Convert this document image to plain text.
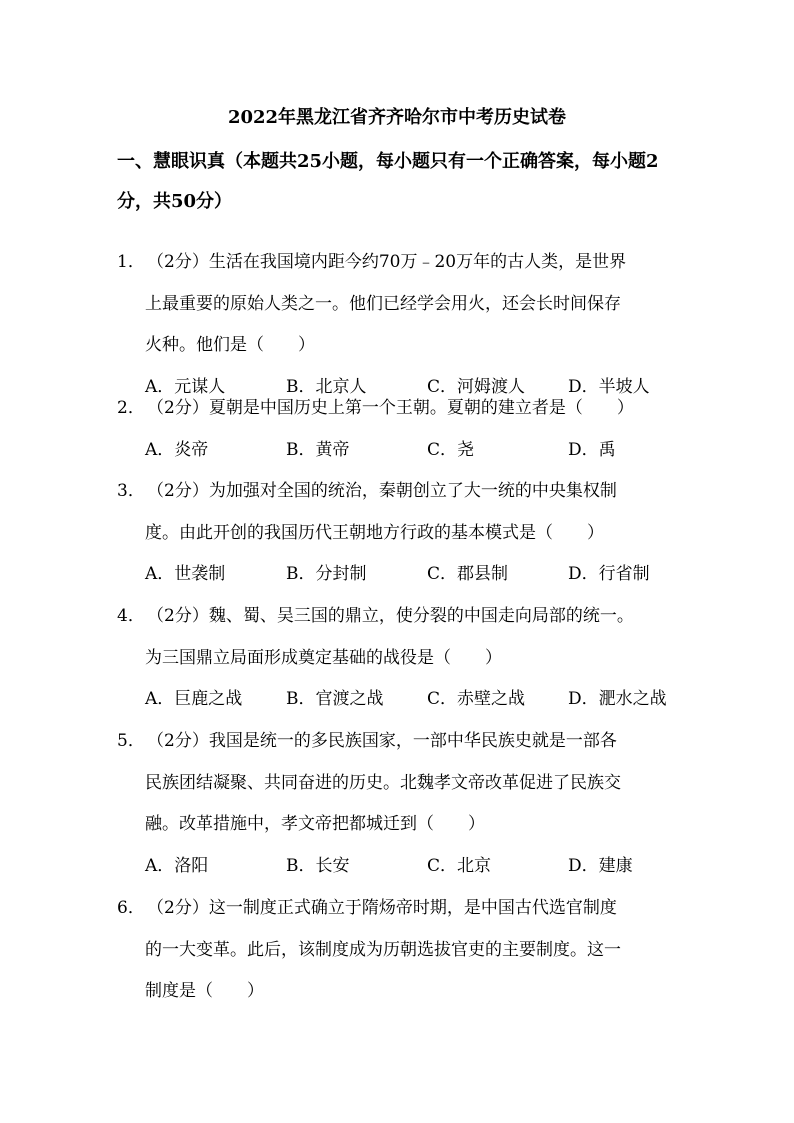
2022年黑龙江省齐齐哈尔市中考历史试卷
一、慧眼识真（本题共25小题，每小题只有一个正确答案，每小题2
分，共50分）
1． （2分）生活在我国境内距今约70万﹣20万年的古人类，是世界
上最重要的原始人类之一。他们已经学会用火，还会长时间保存
火种。他们是（　　）
A．元谋人	B．北京人	C．河姆渡人	D．半坡人
2． （2分）夏朝是中国历史上第一个王朝。夏朝的建立者是（　　）
A．炎帝	B．黄帝	C．尧	D．禹
3． （2分）为加强对全国的统治，秦朝创立了大一统的中央集权制
度。由此开创的我国历代王朝地方行政的基本模式是（　　）
A．世袭制	B．分封制	C．郡县制	D．行省制
4． （2分）魏、蜀、吴三国的鼎立，使分裂的中国走向局部的统一。
为三国鼎立局面形成奠定基础的战役是（　　）
A．巨鹿之战	B．官渡之战	C．赤壁之战	D．淝水之战
5． （2分）我国是统一的多民族国家，一部中华民族史就是一部各
民族团结凝聚、共同奋进的历史。北魏孝文帝改革促进了民族交
融。改革措施中，孝文帝把都城迁到（　　）
A．洛阳	B．长安	C．北京	D．建康
6． （2分）这一制度正式确立于隋炀帝时期，是中国古代选官制度
的一大变革。此后，该制度成为历朝选拔官吏的主要制度。这一
制度是（　　）
